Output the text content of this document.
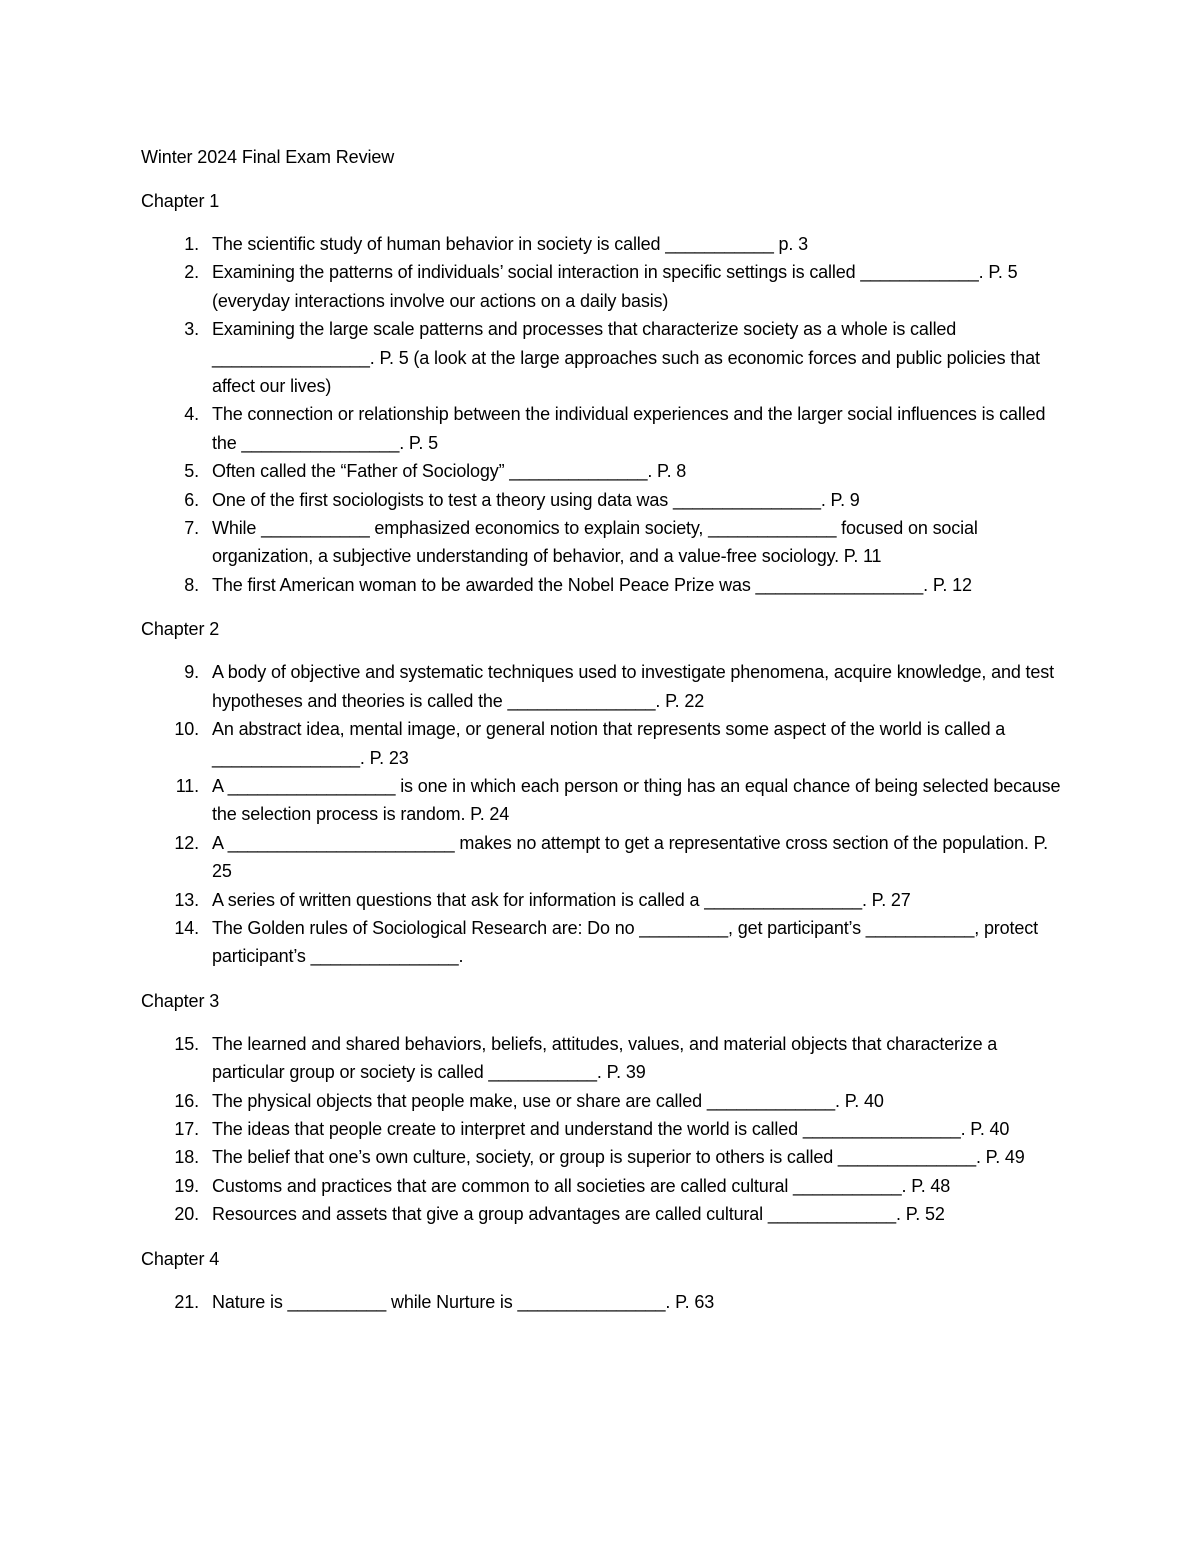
Winter 2024 Final Exam Review
Chapter 1
1. The scientific study of human behavior in society is called ___________ p. 3
2. Examining the patterns of individuals’ social interaction in specific settings is called ____________. P. 5 (everyday interactions involve our actions on a daily basis)
3. Examining the large scale patterns and processes that characterize society as a whole is called ________________. P. 5 (a look at the large approaches such as economic forces and public policies that affect our lives)
4. The connection or relationship between the individual experiences and the larger social influences is called the ________________. P. 5
5. Often called the “Father of Sociology” ______________. P. 8
6. One of the first sociologists to test a theory using data was _______________. P. 9
7. While ___________ emphasized economics to explain society, _____________ focused on social organization, a subjective understanding of behavior, and a value-free sociology. P. 11
8. The first American woman to be awarded the Nobel Peace Prize was _________________. P. 12
Chapter 2
9. A body of objective and systematic techniques used to investigate phenomena, acquire knowledge, and test hypotheses and theories is called the _______________. P. 22
10. An abstract idea, mental image, or general notion that represents some aspect of the world is called a _______________. P. 23
11. A _________________ is one in which each person or thing has an equal chance of being selected because the selection process is random. P. 24
12. A _______________________ makes no attempt to get a representative cross section of the population. P. 25
13. A series of written questions that ask for information is called a ________________. P. 27
14. The Golden rules of Sociological Research are: Do no _________, get participant’s ___________, protect participant’s _______________.
Chapter 3
15. The learned and shared behaviors, beliefs, attitudes, values, and material objects that characterize a particular group or society is called ___________. P. 39
16. The physical objects that people make, use or share are called _____________. P. 40
17. The ideas that people create to interpret and understand the world is called ________________. P. 40
18. The belief that one’s own culture, society, or group is superior to others is called ______________. P. 49
19. Customs and practices that are common to all societies are called cultural ___________. P. 48
20. Resources and assets that give a group advantages are called cultural _____________. P. 52
Chapter 4
21. Nature is __________ while Nurture is _______________. P. 63
